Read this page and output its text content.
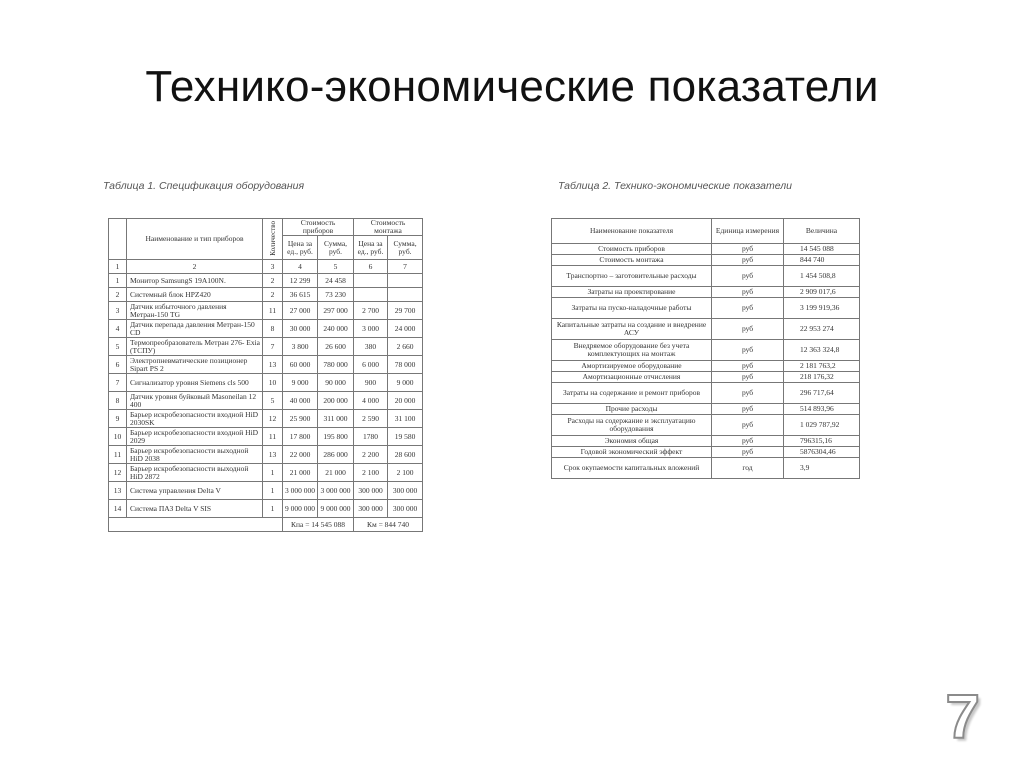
Технико-экономические показатели
Таблица 1. Спецификация оборудования	Таблица 2. Технико-экономические показатели
	Наименование и тип приборов	Количество	Стоимость приборов		Стоимость монтажа	
			Цена за ед., руб.	Сумма, руб.	Цена за ед., руб.	Сумма, руб.
1	2	3	4	5	6	7
1	Монитор SamsungS 19A100N.	2	12 299	24 458		
2	Системный блок HPZ420	2	36 615	73 230		
3	Датчик избыточного давления Метран-150 TG	11	27 000	297 000	2 700	29 700
4	Датчик перепада давления Метран-150 CD	8	30 000	240 000	3 000	24 000
5	Термопреобразователь Метран 276- Exia (ТСПУ)	7	3 800	26 600	380	2 660
6	Электропневматические позиционер Sipart PS 2	13	60 000	780 000	6 000	78 000
7	Сигнализатор уровня Siemens cls 500	10	9 000	90 000	900	9 000
8	Датчик уровня буйковый Masoneilan 12 400	5	40 000	200 000	4 000	20 000
9	Барьер искробезопасности входной HiD 2030SK	12	25 900	311 000	2 590	31 100
10	Барьер искробезопасности входной HiD 2029	11	17 800	195 800	1780	19 580
11	Барьер искробезопасности выходной HiD 2038	13	22 000	286 000	2 200	28 600
12	Барьер искробезопасности выходной HiD 2872	1	21 000	21 000	2 100	2 100
13	Система управления Delta V	1	3 000 000	3 000 000	300 000	300 000
14	Система ПАЗ Delta V SIS	1	9 000 000	9 000 000	300 000	300 000
			Кпа = 14 545 088		Км = 844 740	
Наименование показателя	Единица измерения	Величина
Стоимость приборов	руб	14 545 088
Стоимость монтажа	руб	844 740
Транспортно – заготовительные расходы	руб	1 454 508,8
Затраты на проектирование	руб	2 909 017,6
Затраты на пуско-наладочные работы	руб	3 199 919,36
Капитальные затраты на создание и внедрение АСУ	руб	22 953 274
Внедряемое оборудование без учета комплектующих на монтаж	руб	12 363 324,8
Амортизируемое оборудование	руб	2 181 763,2
Амортизационные отчисления	руб	218 176,32
Затраты на содержание и ремонт приборов	руб	296 717,64
Прочие расходы	руб	514 893,96
Расходы на содержание и эксплуатацию оборудования	руб	1 029 787,92
Экономия общая	руб	796315,16
Годовой экономический эффект	руб	5876304,46
Срок окупаемости капитальных вложений	год	3,9
7
